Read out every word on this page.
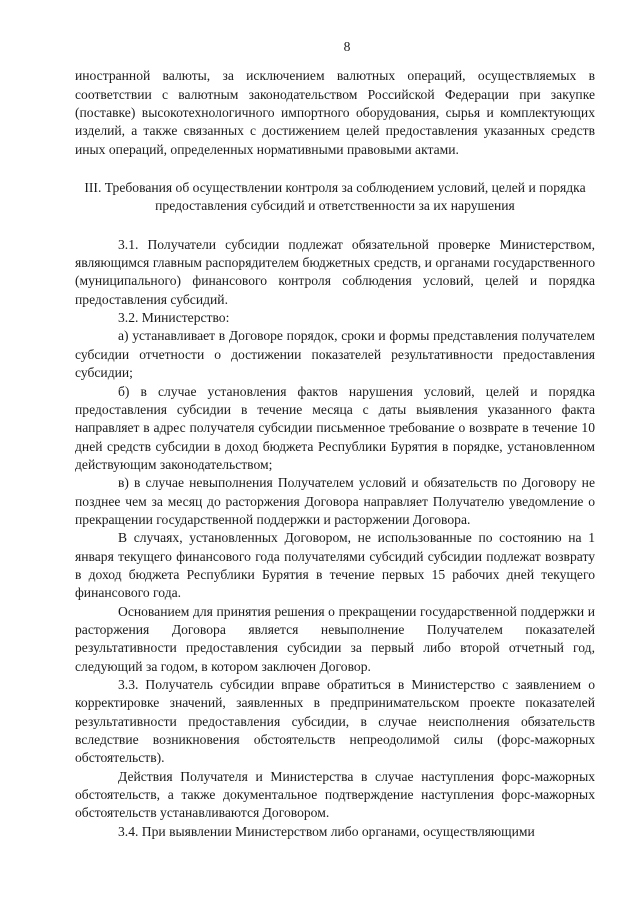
8

иностранной валюты, за исключением валютных операций, осуществляемых в соответствии с валютным законодательством Российской Федерации при закупке (поставке) высокотехнологичного импортного оборудования, сырья и комплектующих изделий, а также связанных с достижением целей предоставления указанных средств иных операций, определенных нормативными правовыми актами.

III. Требования об осуществлении контроля за соблюдением условий, целей и порядка предоставления субсидий и ответственности за их нарушения

3.1. Получатели субсидии подлежат обязательной проверке Министерством, являющимся главным распорядителем бюджетных средств, и органами государственного (муниципального) финансового контроля соблюдения условий, целей и порядка предоставления субсидий.

3.2. Министерство:

а) устанавливает в Договоре порядок, сроки и формы представления получателем субсидии отчетности о достижении показателей результативности предоставления субсидии;

б) в случае установления фактов нарушения условий, целей и порядка предоставления субсидии в течение месяца с даты выявления указанного факта направляет в адрес получателя субсидии письменное требование о возврате в течение 10 дней средств субсидии в доход бюджета Республики Бурятия в порядке, установленном действующим законодательством;

в) в случае невыполнения Получателем условий и обязательств по Договору не позднее чем за месяц до расторжения Договора направляет Получателю уведомление о прекращении государственной поддержки и расторжении Договора.

В случаях, установленных Договором, не использованные по состоянию на 1 января текущего финансового года получателями субсидий субсидии подлежат возврату в доход бюджета Республики Бурятия в течение первых 15 рабочих дней текущего финансового года.

Основанием для принятия решения о прекращении государственной поддержки и расторжения Договора является невыполнение Получателем показателей результативности предоставления субсидии за первый либо второй отчетный год, следующий за годом, в котором заключен Договор.

3.3. Получатель субсидии вправе обратиться в Министерство с заявлением о корректировке значений, заявленных в предпринимательском проекте показателей результативности предоставления субсидии, в случае неисполнения обязательств вследствие возникновения обстоятельств непреодолимой силы (форс-мажорных обстоятельств).

Действия Получателя и Министерства в случае наступления форс-мажорных обстоятельств, а также документальное подтверждение наступления форс-мажорных обстоятельств устанавливаются Договором.

3.4. При выявлении Министерством либо органами, осуществляющими
